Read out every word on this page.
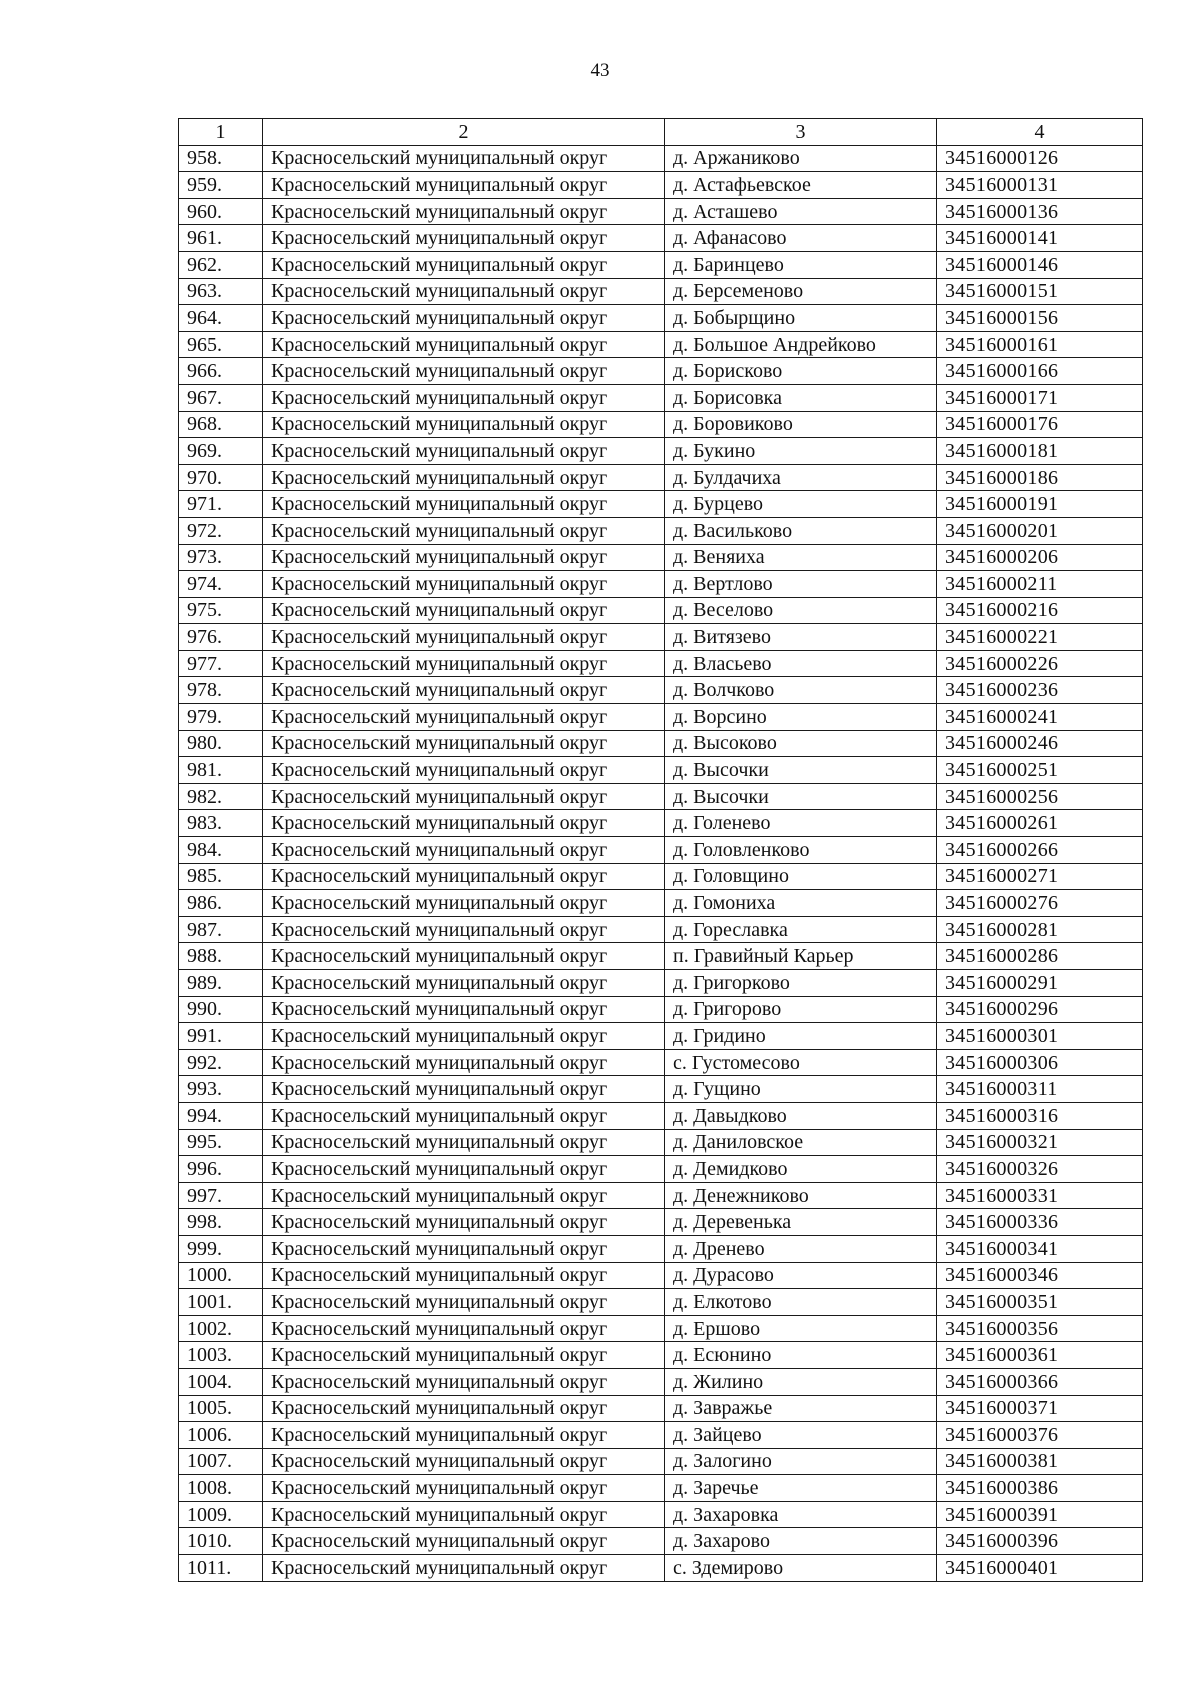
43
1	2	3	4
958.	Красносельский муниципальный округ	д. Аржаниково	34516000126
959.	Красносельский муниципальный округ	д. Астафьевское	34516000131
960.	Красносельский муниципальный округ	д. Асташево	34516000136
961.	Красносельский муниципальный округ	д. Афанасово	34516000141
962.	Красносельский муниципальный округ	д. Баринцево	34516000146
963.	Красносельский муниципальный округ	д. Берсеменово	34516000151
964.	Красносельский муниципальный округ	д. Бобырщино	34516000156
965.	Красносельский муниципальный округ	д. Большое Андрейково	34516000161
966.	Красносельский муниципальный округ	д. Борисково	34516000166
967.	Красносельский муниципальный округ	д. Борисовка	34516000171
968.	Красносельский муниципальный округ	д. Боровиково	34516000176
969.	Красносельский муниципальный округ	д. Букино	34516000181
970.	Красносельский муниципальный округ	д. Булдачиха	34516000186
971.	Красносельский муниципальный округ	д. Бурцево	34516000191
972.	Красносельский муниципальный округ	д. Васильково	34516000201
973.	Красносельский муниципальный округ	д. Веняиха	34516000206
974.	Красносельский муниципальный округ	д. Вертлово	34516000211
975.	Красносельский муниципальный округ	д. Веселово	34516000216
976.	Красносельский муниципальный округ	д. Витязево	34516000221
977.	Красносельский муниципальный округ	д. Власьево	34516000226
978.	Красносельский муниципальный округ	д. Волчково	34516000236
979.	Красносельский муниципальный округ	д. Ворсино	34516000241
980.	Красносельский муниципальный округ	д. Высоково	34516000246
981.	Красносельский муниципальный округ	д. Высочки	34516000251
982.	Красносельский муниципальный округ	д. Высочки	34516000256
983.	Красносельский муниципальный округ	д. Голенево	34516000261
984.	Красносельский муниципальный округ	д. Головленково	34516000266
985.	Красносельский муниципальный округ	д. Головщино	34516000271
986.	Красносельский муниципальный округ	д. Гомониха	34516000276
987.	Красносельский муниципальный округ	д. Гореславка	34516000281
988.	Красносельский муниципальный округ	п. Гравийный Карьер	34516000286
989.	Красносельский муниципальный округ	д. Григорково	34516000291
990.	Красносельский муниципальный округ	д. Григорово	34516000296
991.	Красносельский муниципальный округ	д. Гридино	34516000301
992.	Красносельский муниципальный округ	с. Густомесово	34516000306
993.	Красносельский муниципальный округ	д. Гущино	34516000311
994.	Красносельский муниципальный округ	д. Давыдково	34516000316
995.	Красносельский муниципальный округ	д. Даниловское	34516000321
996.	Красносельский муниципальный округ	д. Демидково	34516000326
997.	Красносельский муниципальный округ	д. Денежниково	34516000331
998.	Красносельский муниципальный округ	д. Деревенька	34516000336
999.	Красносельский муниципальный округ	д. Дренево	34516000341
1000.	Красносельский муниципальный округ	д. Дурасово	34516000346
1001.	Красносельский муниципальный округ	д. Елкотово	34516000351
1002.	Красносельский муниципальный округ	д. Ершово	34516000356
1003.	Красносельский муниципальный округ	д. Есюнино	34516000361
1004.	Красносельский муниципальный округ	д. Жилино	34516000366
1005.	Красносельский муниципальный округ	д. Завражье	34516000371
1006.	Красносельский муниципальный округ	д. Зайцево	34516000376
1007.	Красносельский муниципальный округ	д. Залогино	34516000381
1008.	Красносельский муниципальный округ	д. Заречье	34516000386
1009.	Красносельский муниципальный округ	д. Захаровка	34516000391
1010.	Красносельский муниципальный округ	д. Захарово	34516000396
1011.	Красносельский муниципальный округ	с. Здемирово	34516000401
